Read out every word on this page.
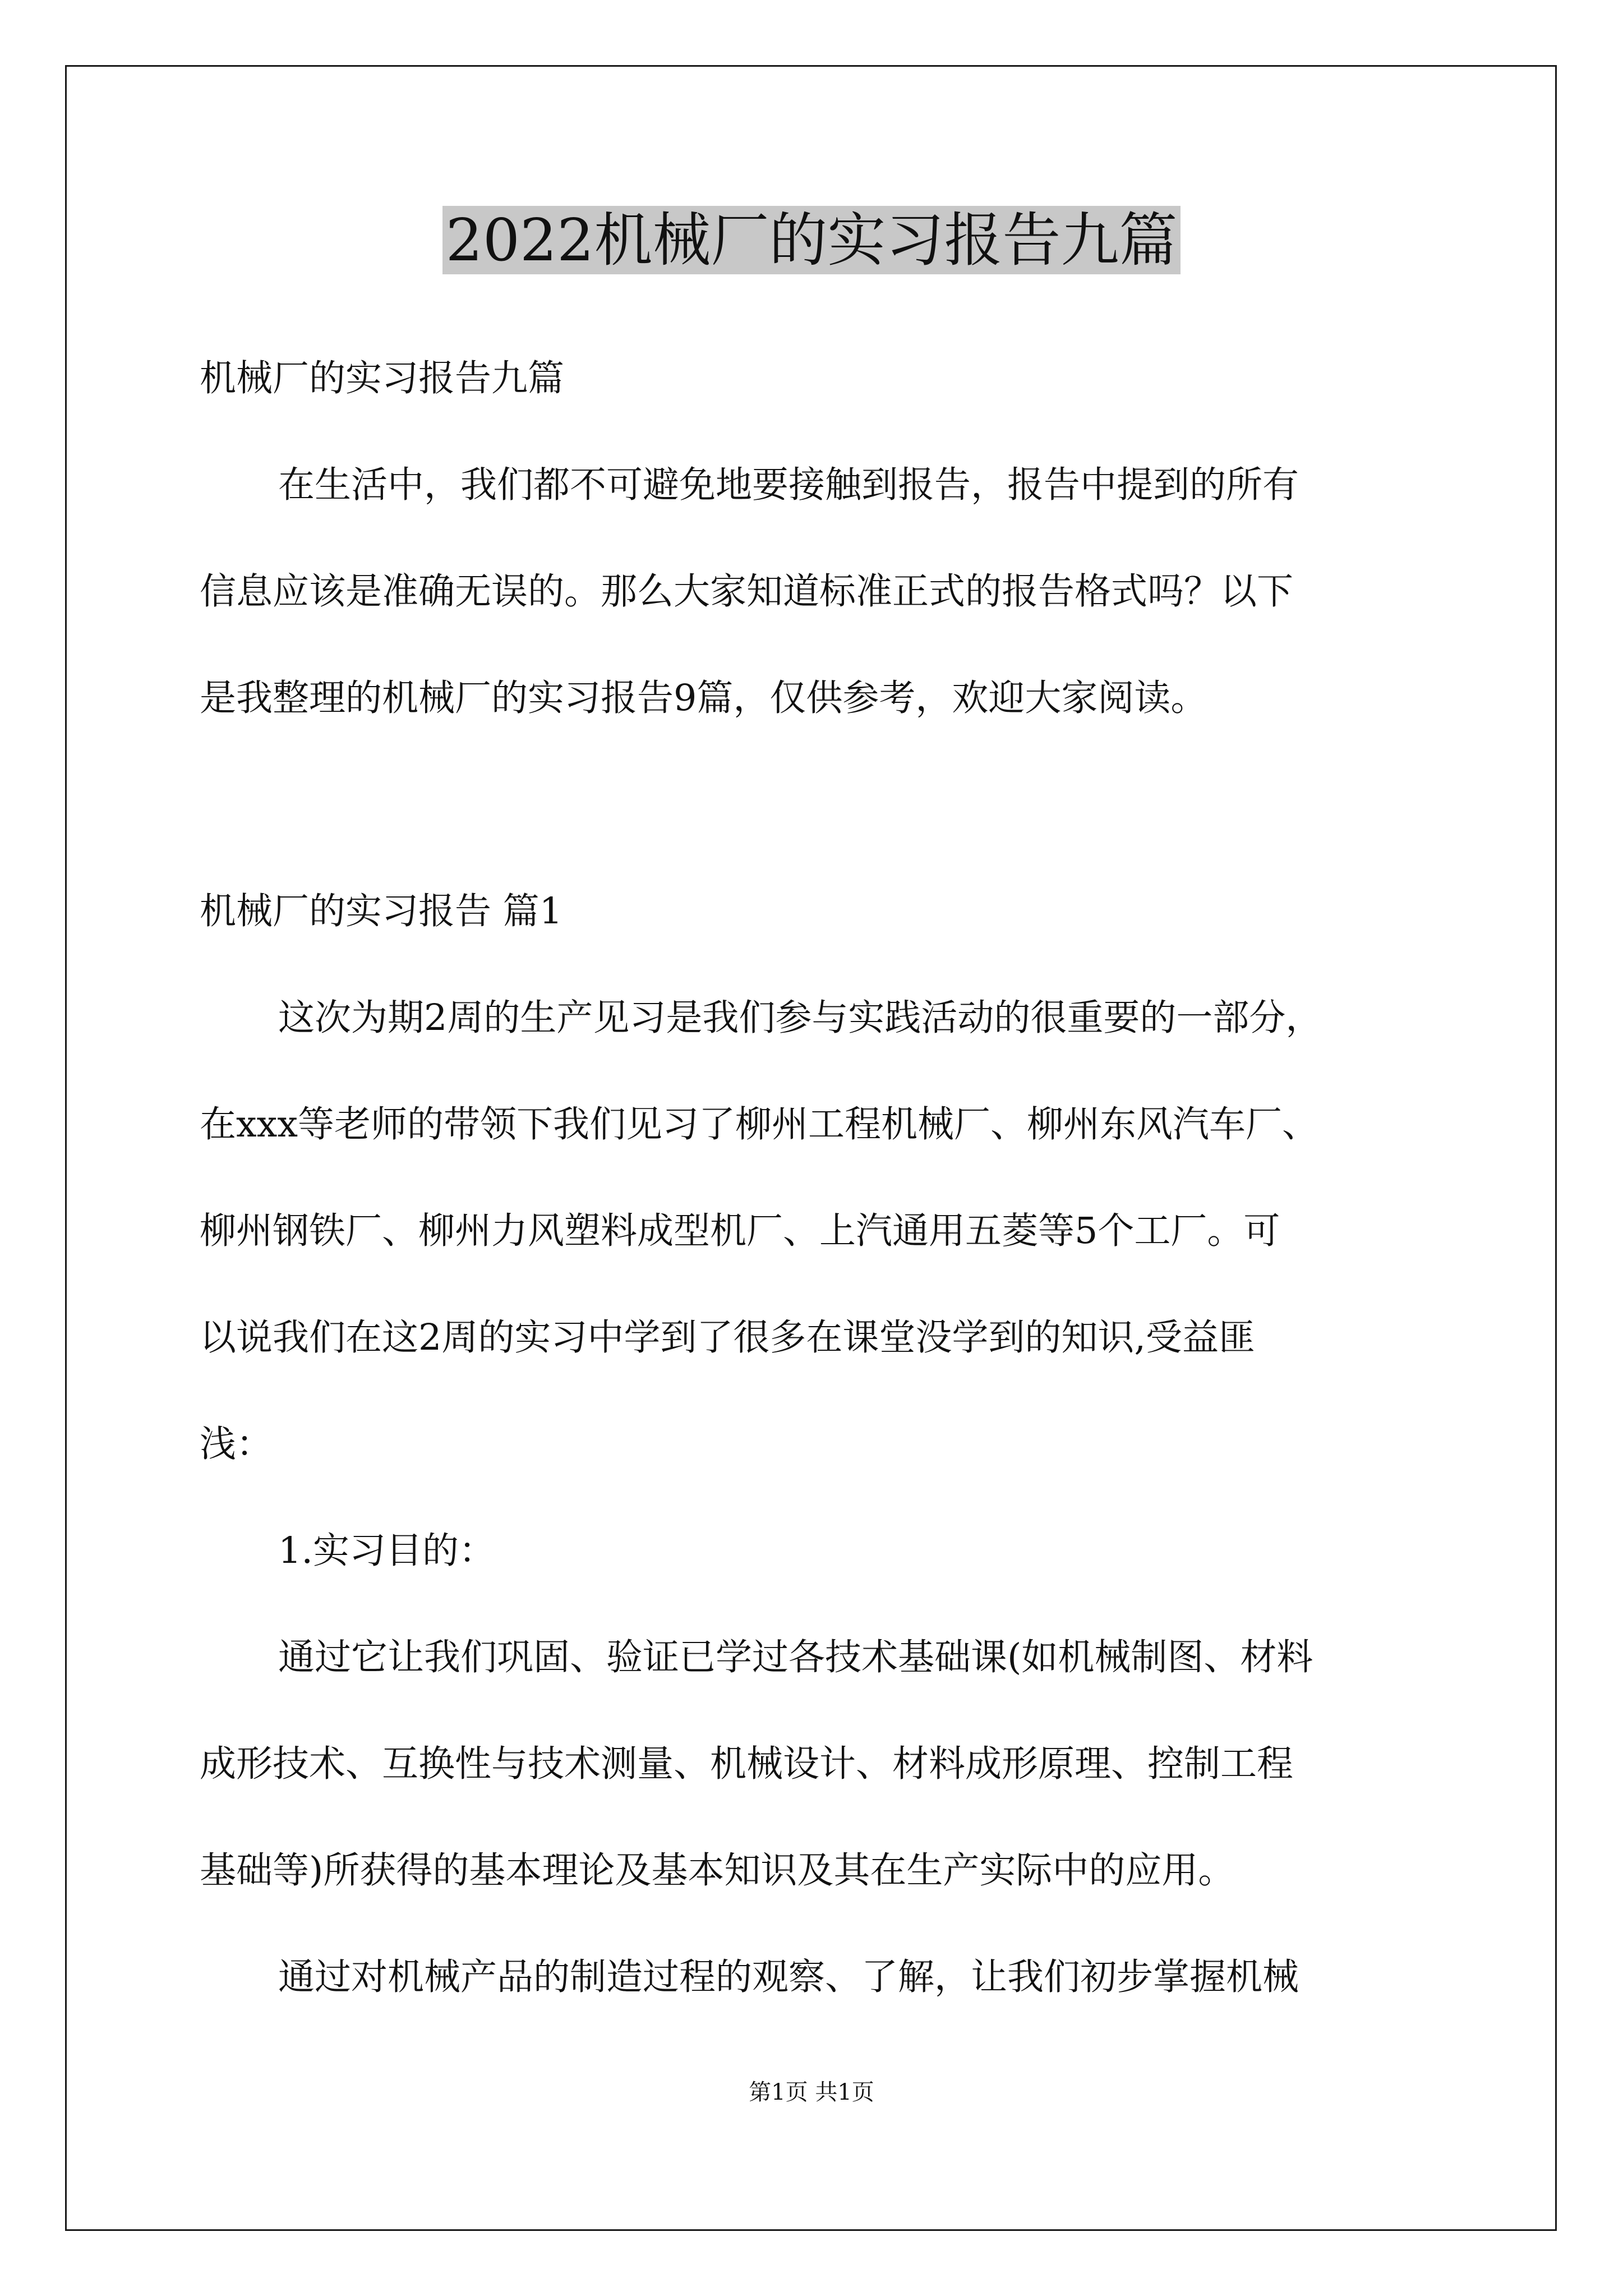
2022机械厂的实习报告九篇
机械厂的实习报告九篇
在生活中，我们都不可避免地要接触到报告，报告中提到的所有
信息应该是准确无误的。那么大家知道标准正式的报告格式吗？以下
是我整理的机械厂的实习报告9篇，仅供参考，欢迎大家阅读。
机械厂的实习报告 篇1
这次为期2周的生产见习是我们参与实践活动的很重要的一部分，
在xxx等老师的带领下我们见习了柳州工程机械厂、柳州东风汽车厂、
柳州钢铁厂、柳州力风塑料成型机厂、上汽通用五菱等5个工厂。可
以说我们在这2周的实习中学到了很多在课堂没学到的知识,受益匪
浅：
1.实习目的：
通过它让我们巩固、验证已学过各技术基础课(如机械制图、材料
成形技术、互换性与技术测量、机械设计、材料成形原理、控制工程
基础等)所获得的基本理论及基本知识及其在生产实际中的应用。
通过对机械产品的制造过程的观察、了解，让我们初步掌握机械
第1页 共1页
